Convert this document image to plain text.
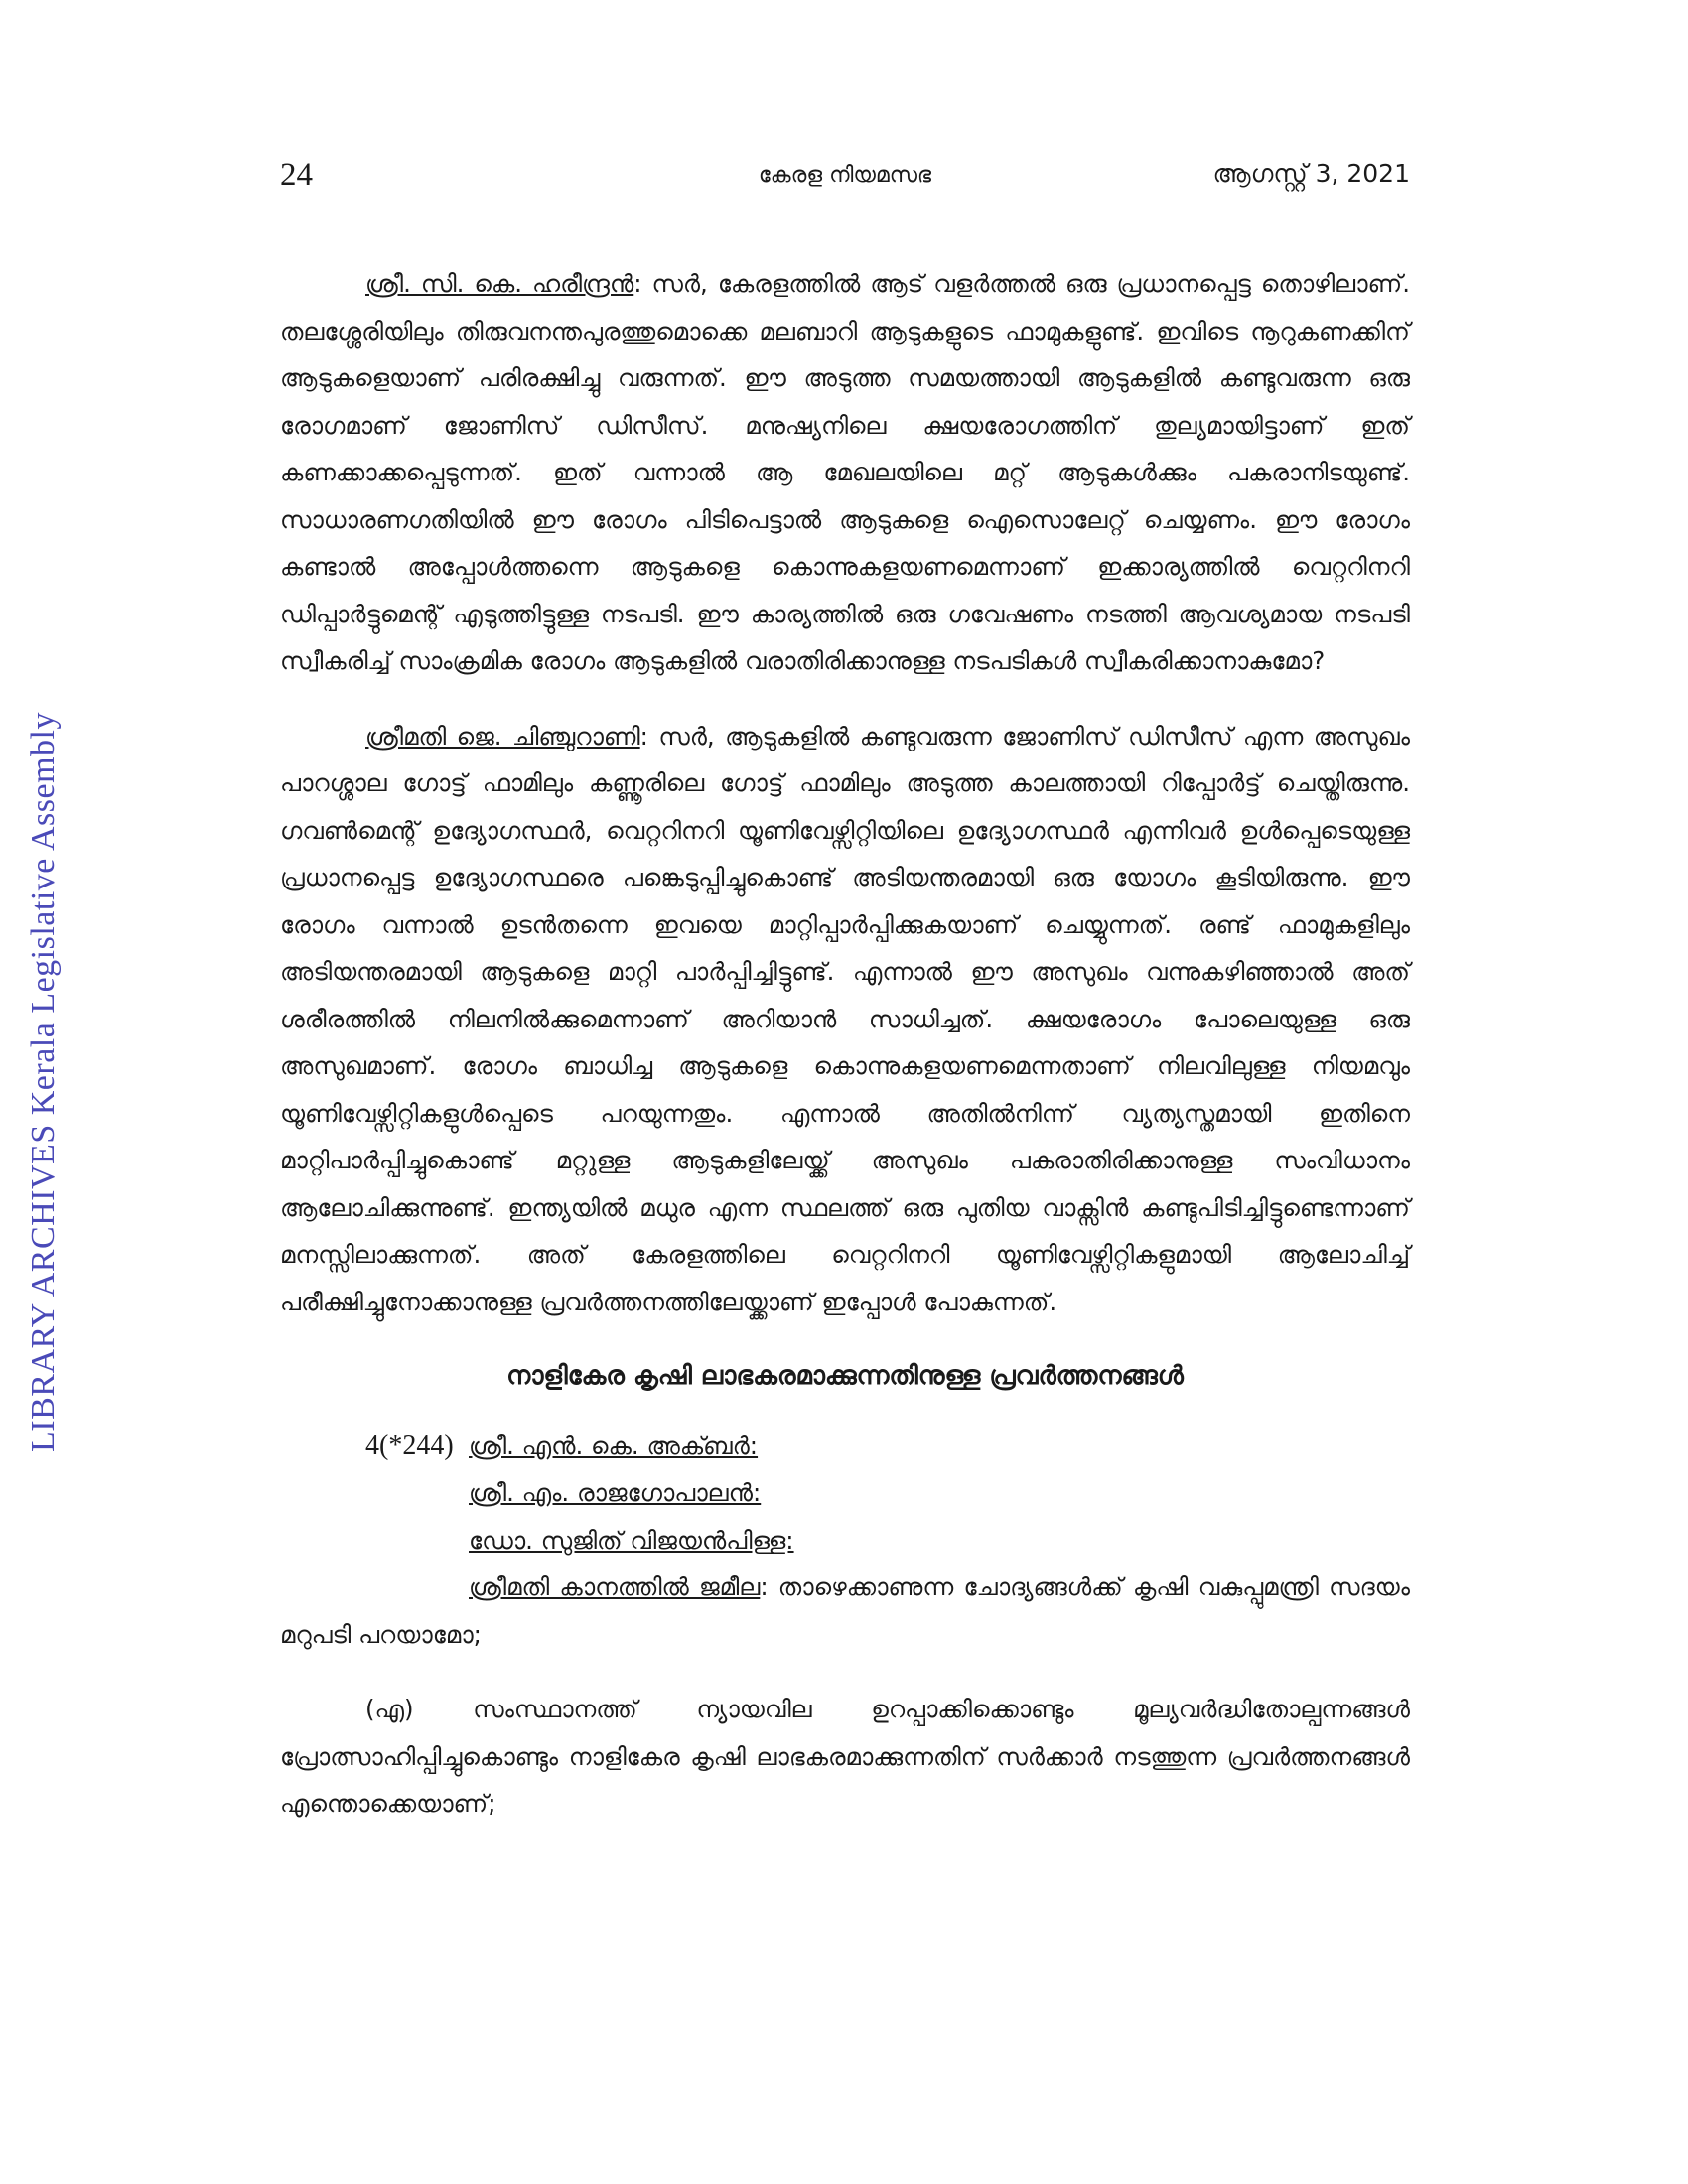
LIBRARY ARCHIVES Kerala Legislative Assembly
24	കേരള നിയമസഭ	ആഗസ്റ്റ് 3, 2021

ശ്രീ. സി. കെ. ഹരീന്ദ്രൻ: സർ, കേരളത്തിൽ ആട് വളർത്തൽ ഒരു പ്രധാനപ്പെട്ട തൊഴിലാണ്. തലശ്ശേരിയിലും തിരുവനന്തപുരത്തുമൊക്കെ മലബാറി ആടുകളുടെ ഫാമുകളുണ്ട്. ഇവിടെ നൂറുകണക്കിന് ആടുകളെയാണ് പരിരക്ഷിച്ചു വരുന്നത്. ഈ അടുത്ത സമയത്തായി ആടുകളിൽ കണ്ടുവരുന്ന ഒരു രോഗമാണ് ജോണിസ് ഡിസീസ്. മനുഷ്യനിലെ ക്ഷയരോഗത്തിന് തുല്യമായിട്ടാണ് ഇത് കണക്കാക്കപ്പെടുന്നത്. ഇത് വന്നാൽ ആ മേഖലയിലെ മറ്റ് ആടുകൾക്കും പകരാനിടയുണ്ട്. സാധാരണഗതിയിൽ ഈ രോഗം പിടിപെട്ടാൽ ആടുകളെ ഐസൊലേറ്റ് ചെയ്യണം. ഈ രോഗം കണ്ടാൽ അപ്പോൾത്തന്നെ ആടുകളെ കൊന്നുകളയണമെന്നാണ് ഇക്കാര്യത്തിൽ വെറ്ററിനറി ഡിപ്പാർട്ടുമെന്റ് എടുത്തിട്ടുള്ള നടപടി. ഈ കാര്യത്തിൽ ഒരു ഗവേഷണം നടത്തി ആവശ്യമായ നടപടി സ്വീകരിച്ച് സാംക്രമിക രോഗം ആടുകളിൽ വരാതിരിക്കാനുള്ള നടപടികൾ സ്വീകരിക്കാനാകുമോ?

ശ്രീമതി ജെ. ചിഞ്ചുറാണി: സർ, ആടുകളിൽ കണ്ടുവരുന്ന ജോണിസ് ഡിസീസ് എന്ന അസുഖം പാറശ്ശാല ഗോട്ട് ഫാമിലും കണ്ണൂരിലെ ഗോട്ട് ഫാമിലും അടുത്ത കാലത്തായി റിപ്പോർട്ട് ചെയ്തിരുന്നു. ഗവൺമെന്റ് ഉദ്യോഗസ്ഥർ, വെറ്ററിനറി യൂണിവേഴ്സിറ്റിയിലെ ഉദ്യോഗസ്ഥർ എന്നിവർ ഉൾപ്പെടെയുള്ള പ്രധാനപ്പെട്ട ഉദ്യോഗസ്ഥരെ പങ്കെടുപ്പിച്ചുകൊണ്ട് അടിയന്തരമായി ഒരു യോഗം കൂടിയിരുന്നു. ഈ രോഗം വന്നാൽ ഉടൻതന്നെ ഇവയെ മാറ്റിപ്പാർപ്പിക്കുകയാണ് ചെയ്യുന്നത്. രണ്ട് ഫാമുകളിലും അടിയന്തരമായി ആടുകളെ മാറ്റി പാർപ്പിച്ചിട്ടുണ്ട്. എന്നാൽ ഈ അസുഖം വന്നുകഴിഞ്ഞാൽ അത് ശരീരത്തിൽ നിലനിൽക്കുമെന്നാണ് അറിയാൻ സാധിച്ചത്. ക്ഷയരോഗം പോലെയുള്ള ഒരു അസുഖമാണ്. രോഗം ബാധിച്ച ആടുകളെ കൊന്നുകളയണമെന്നതാണ് നിലവിലുള്ള നിയമവും യൂണിവേഴ്സിറ്റികളുൾപ്പെടെ പറയുന്നതും. എന്നാൽ അതിൽനിന്ന് വ്യത്യസ്തമായി ഇതിനെ മാറ്റിപാർപ്പിച്ചുകൊണ്ട് മറ്റുള്ള ആടുകളിലേയ്ക്ക് അസുഖം പകരാതിരിക്കാനുള്ള സംവിധാനം ആലോചിക്കുന്നുണ്ട്. ഇന്ത്യയിൽ മധുര എന്ന സ്ഥലത്ത് ഒരു പുതിയ വാക്സിൻ കണ്ടുപിടിച്ചിട്ടുണ്ടെന്നാണ് മനസ്സിലാക്കുന്നത്. അത് കേരളത്തിലെ വെറ്ററിനറി യൂണിവേഴ്സിറ്റികളുമായി ആലോചിച്ച് പരീക്ഷിച്ചുനോക്കാനുള്ള പ്രവർത്തനത്തിലേയ്ക്കാണ് ഇപ്പോൾ പോകുന്നത്.

നാളികേര കൃഷി ലാഭകരമാക്കുന്നതിനുള്ള പ്രവർത്തനങ്ങൾ
4(*244) ശ്രീ. എൻ. കെ. അക്ബർ:
ശ്രീ. എം. രാജഗോപാലൻ:
ഡോ. സുജിത് വിജയൻപിള്ള:
ശ്രീമതി കാനത്തിൽ ജമീല: താഴെക്കാണുന്ന ചോദ്യങ്ങൾക്ക് കൃഷി വകുപ്പുമന്ത്രി സദയം മറുപടി പറയാമോ;

(എ) സംസ്ഥാനത്ത് ന്യായവില ഉറപ്പാക്കിക്കൊണ്ടും മൂല്യവർദ്ധിതോല്പന്നങ്ങൾ പ്രോത്സാഹിപ്പിച്ചുകൊണ്ടും നാളികേര കൃഷി ലാഭകരമാക്കുന്നതിന് സർക്കാർ നടത്തുന്ന പ്രവർത്തനങ്ങൾ എന്തൊക്കെയാണ്;
